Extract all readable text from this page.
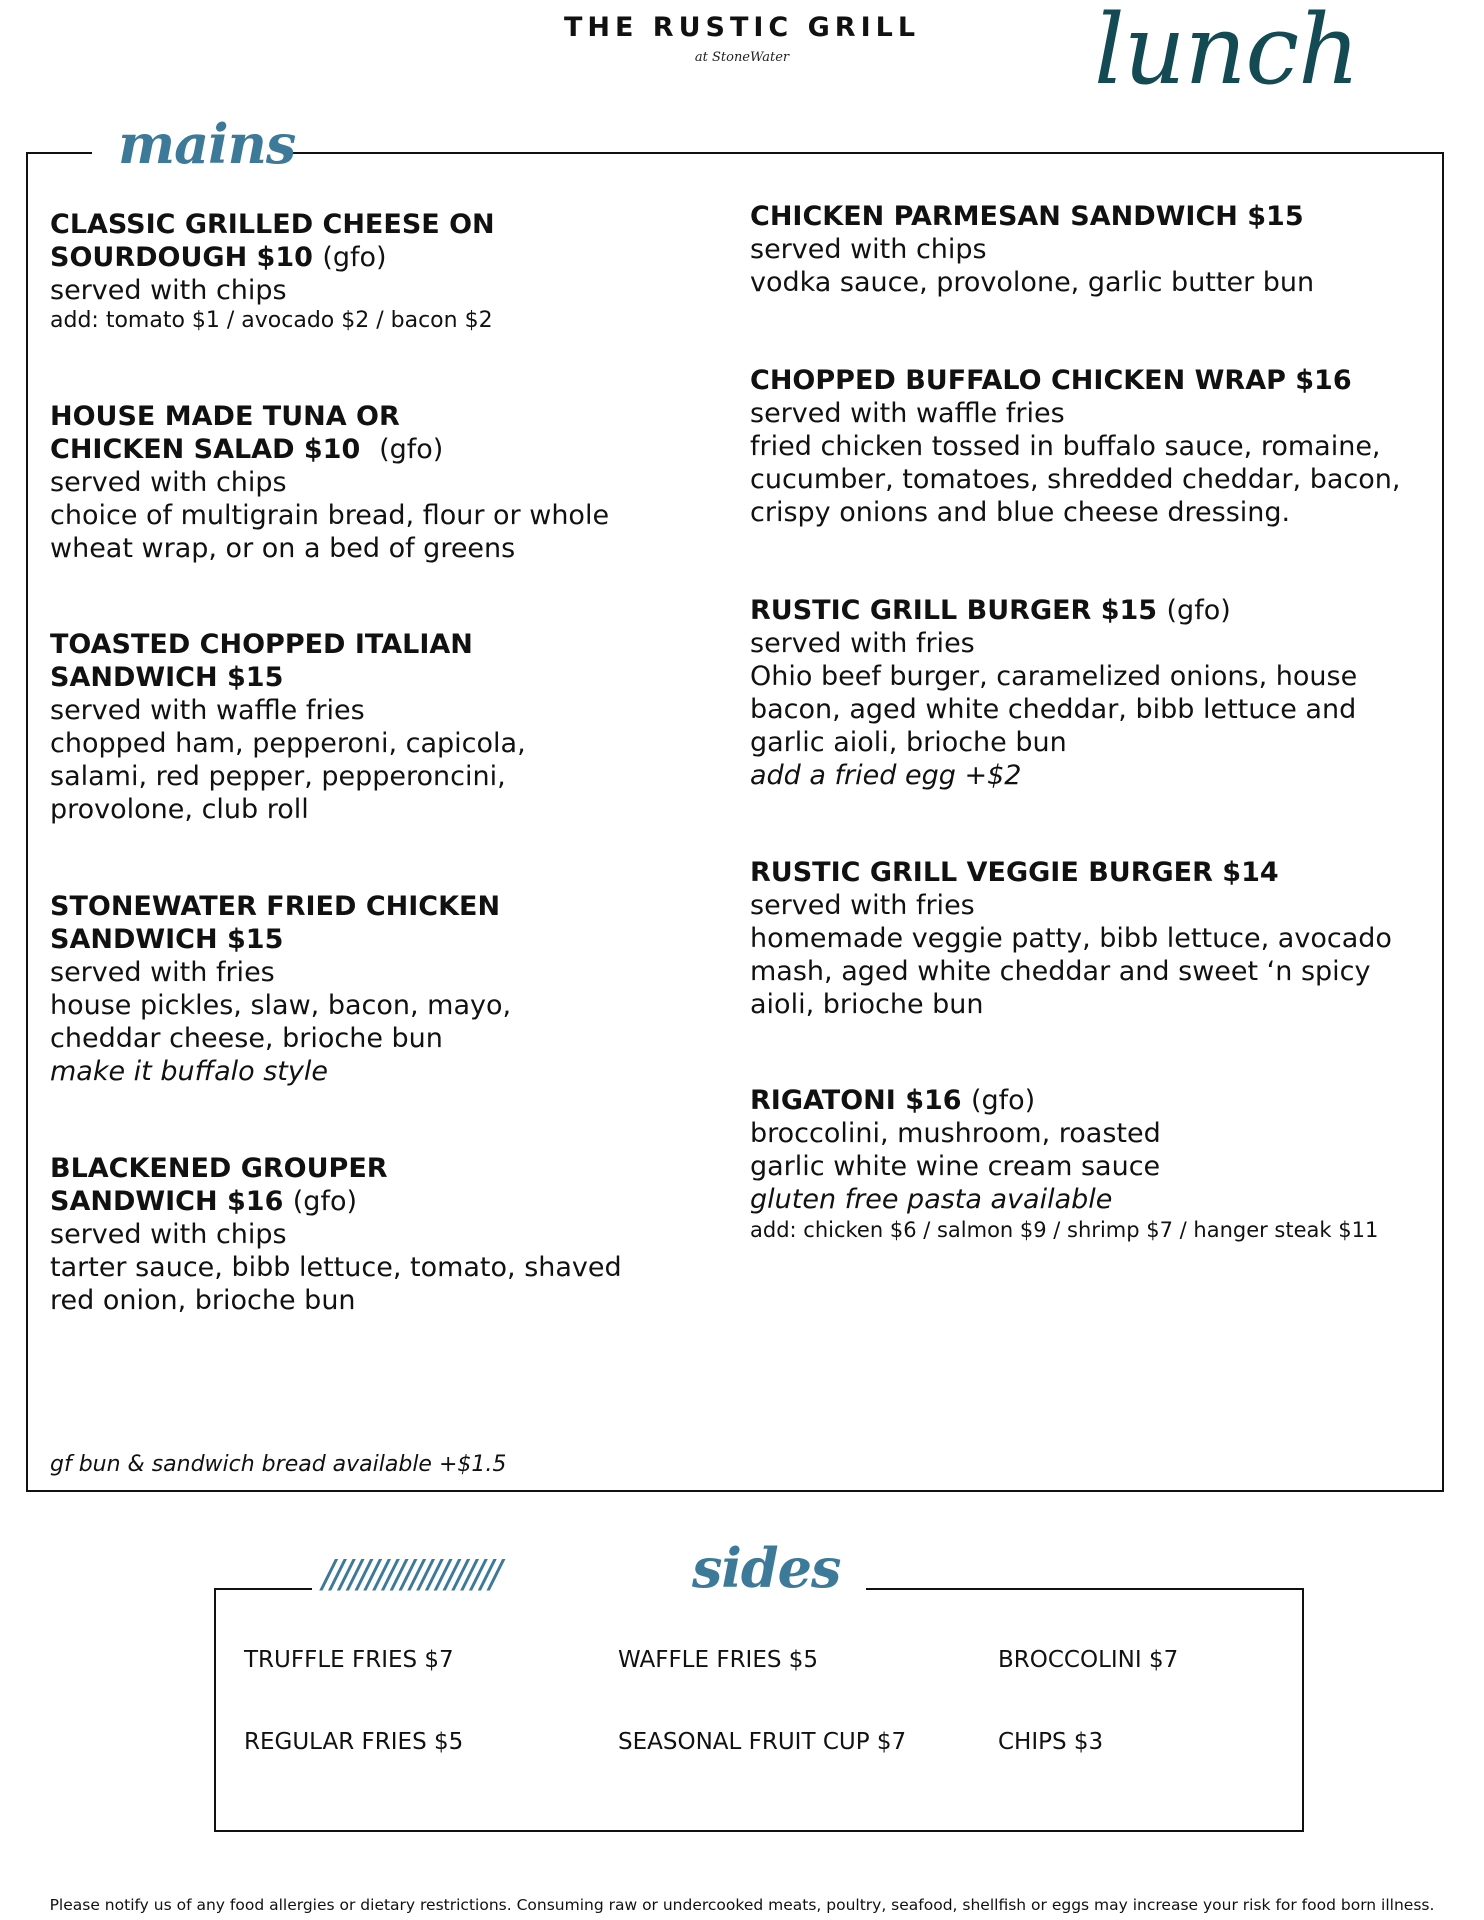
THE RUSTIC GRILL
at StoneWater	lunch
mains
CLASSIC GRILLED CHEESE ON
SOURDOUGH $10 (gfo)
served with chips
add: tomato $1 / avocado $2 / bacon $2
HOUSE MADE TUNA OR
CHICKEN SALAD $10 (gfo)
served with chips
choice of multigrain bread, flour or whole
wheat wrap, or on a bed of greens
TOASTED CHOPPED ITALIAN
SANDWICH $15
served with waffle fries
chopped ham, pepperoni, capicola,
salami, red pepper, pepperoncini,
provolone, club roll
STONEWATER FRIED CHICKEN
SANDWICH $15
served with fries
house pickles, slaw, bacon, mayo,
cheddar cheese, brioche bun
make it buffalo style
BLACKENED GROUPER
SANDWICH $16 (gfo)
served with chips
tarter sauce, bibb lettuce, tomato, shaved
red onion, brioche bun
CHICKEN PARMESAN SANDWICH $15
served with chips
vodka sauce, provolone, garlic butter bun
CHOPPED BUFFALO CHICKEN WRAP $16
served with waffle fries
fried chicken tossed in buffalo sauce, romaine,
cucumber, tomatoes, shredded cheddar, bacon,
crispy onions and blue cheese dressing.
RUSTIC GRILL BURGER $15 (gfo)
served with fries
Ohio beef burger, caramelized onions, house
bacon, aged white cheddar, bibb lettuce and
garlic aioli, brioche bun
add a fried egg +$2
RUSTIC GRILL VEGGIE BURGER $14
served with fries
homemade veggie patty, bibb lettuce, avocado
mash, aged white cheddar and sweet ‘n spicy
aioli, brioche bun
RIGATONI $16 (gfo)
broccolini, mushroom, roasted
garlic white wine cream sauce
gluten free pasta available
add: chicken $6 / salmon $9 / shrimp $7 / hanger steak $11
gf bun & sandwich bread available +$1.5
////////////////////	sides
TRUFFLE FRIES $7	WAFFLE FRIES $5	BROCCOLINI $7
REGULAR FRIES $5	SEASONAL FRUIT CUP $7	CHIPS $3
Please notify us of any food allergies or dietary restrictions. Consuming raw or undercooked meats, poultry, seafood, shellfish or eggs may increase your risk for food born illness.
